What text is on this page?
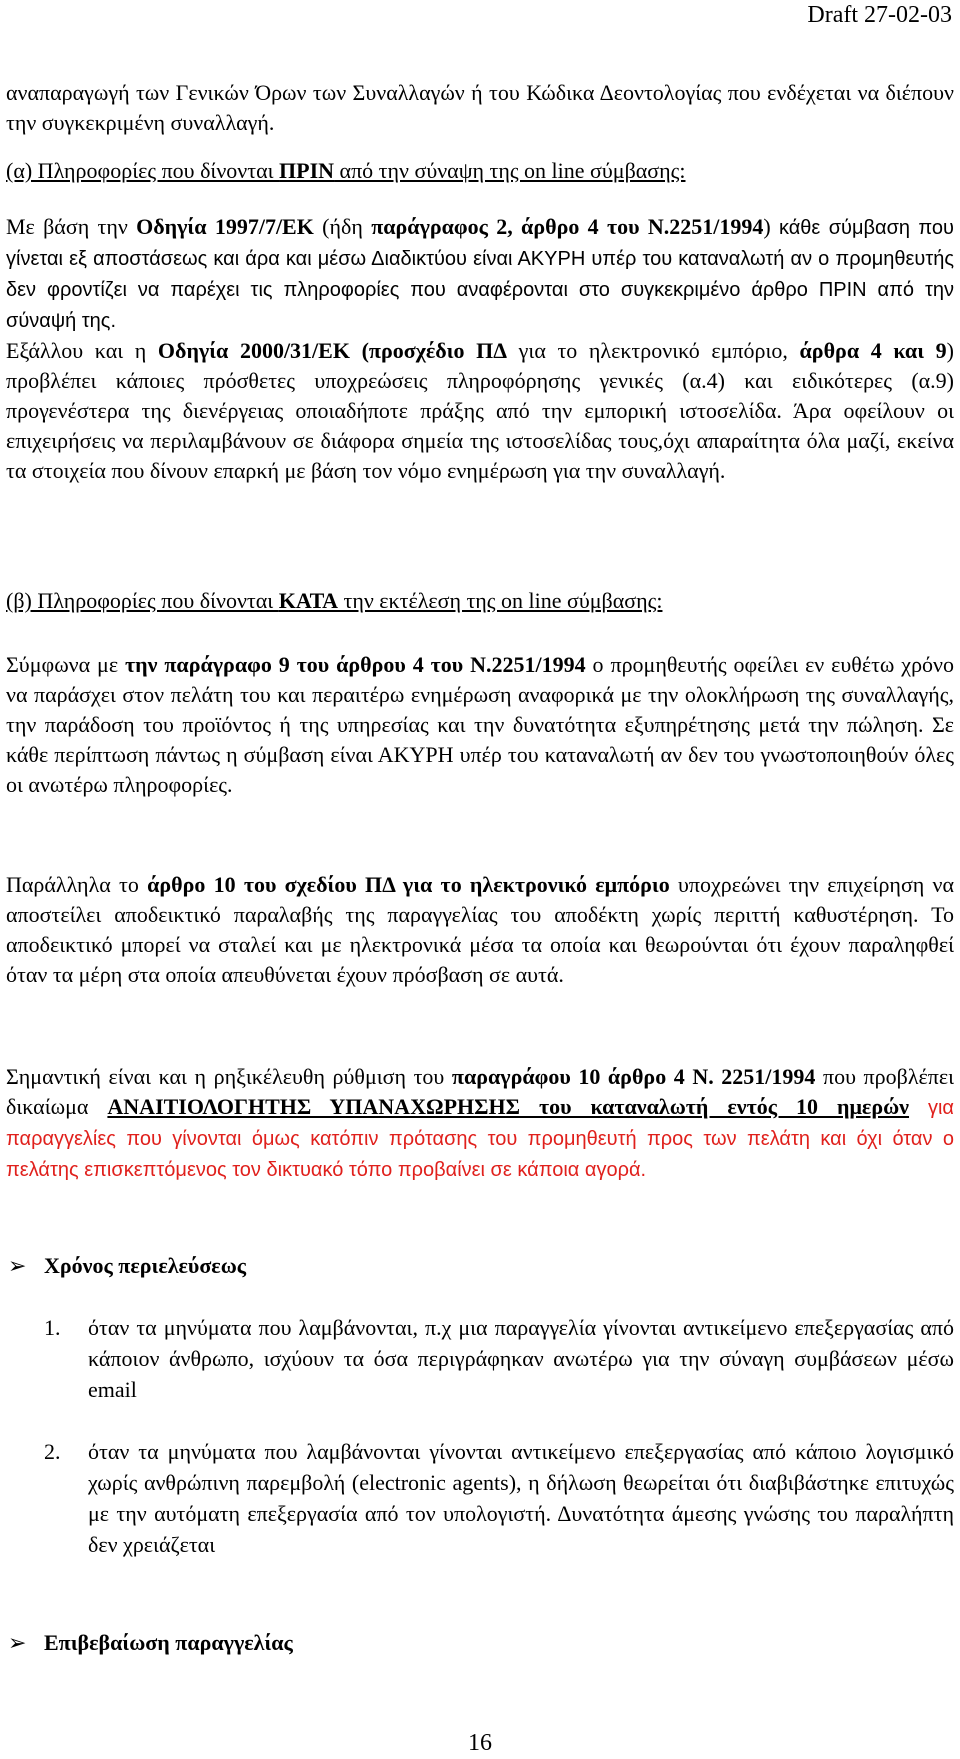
Draft 27-02-03

αναπαραγωγή των Γενικών Όρων των Συναλλαγών ή του Κώδικα Δεοντολογίας που ενδέχεται να διέπουν την συγκεκριμένη συναλλαγή.

(α) Πληροφορίες που δίνονται ΠΡΙΝ από την σύναψη της on line σύμβασης:

Με βάση την Οδηγία 1997/7/ΕΚ (ήδη παράγραφος 2, άρθρο 4 του Ν.2251/1994) κάθε σύμβαση που γίνεται εξ αποστάσεως και άρα και μέσω Διαδικτύου είναι ΑΚΥΡΗ υπέρ του καταναλωτή αν ο προμηθευτής δεν φροντίζει να παρέχει τις πληροφορίες που αναφέρονται στο συγκεκριμένο άρθρο ΠΡΙΝ από την σύναψή της.
Εξάλλου και η Οδηγία 2000/31/ΕΚ (προσχέδιο ΠΔ για το ηλεκτρονικό εμπόριο, άρθρα 4 και 9) προβλέπει κάποιες πρόσθετες υποχρεώσεις πληροφόρησης γενικές (α.4) και ειδικότερες (α.9) προγενέστερα της διενέργειας οποιαδήποτε πράξης από την εμπορική ιστοσελίδα. Άρα οφείλουν οι επιχειρήσεις να περιλαμβάνουν σε διάφορα σημεία της ιστοσελίδας τους,όχι απαραίτητα όλα μαζί, εκείνα τα στοιχεία που δίνουν επαρκή με βάση τον νόμο ενημέρωση για την συναλλαγή.

(β) Πληροφορίες που δίνονται ΚΑΤΑ την εκτέλεση της on line σύμβασης:

Σύμφωνα με την παράγραφο 9 του άρθρου 4 του Ν.2251/1994 ο προμηθευτής οφείλει εν ευθέτω χρόνο να παράσχει στον πελάτη του και περαιτέρω ενημέρωση αναφορικά με την ολοκλήρωση της συναλλαγής, την παράδοση του προϊόντος ή της υπηρεσίας και την δυνατότητα εξυπηρέτησης μετά την πώληση. Σε κάθε περίπτωση πάντως η σύμβαση είναι ΑΚΥΡΗ υπέρ του καταναλωτή αν δεν του γνωστοποιηθούν όλες οι ανωτέρω πληροφορίες.

Παράλληλα το άρθρο 10 του σχεδίου ΠΔ για το ηλεκτρονικό εμπόριο υποχρεώνει την επιχείρηση να αποστείλει αποδεικτικό παραλαβής της παραγγελίας του αποδέκτη χωρίς περιττή καθυστέρηση. Το αποδεικτικό μπορεί να σταλεί και με ηλεκτρονικά μέσα τα οποία και θεωρούνται ότι έχουν παραληφθεί όταν τα μέρη στα οποία απευθύνεται έχουν πρόσβαση σε αυτά.

Σημαντική είναι και η ρηξικέλευθη ρύθμιση του παραγράφου 10 άρθρο 4 Ν. 2251/1994 που προβλέπει δικαίωμα ΑΝΑΙΤΙΟΛΟΓΗΤΗΣ ΥΠΑΝΑΧΩΡΗΣΗΣ του καταναλωτή εντός 10 ημερών για παραγγελίες που γίνονται όμως κατόπιν πρότασης του προμηθευτή προς των πελάτη και όχι όταν ο πελάτης επισκεπτόμενος τον δικτυακό τόπο προβαίνει σε κάποια αγορά.

➢ Χρόνος περιελεύσεως
1. όταν τα μηνύματα που λαμβάνονται, π.χ μια παραγγελία γίνονται αντικείμενο επεξεργασίας από κάποιον άνθρωπο, ισχύουν τα όσα περιγράφηκαν ανωτέρω για την σύναγη συμβάσεων μέσω email
2. όταν τα μηνύματα που λαμβάνονται γίνονται αντικείμενο επεξεργασίας από κάποιο λογισμικό χωρίς ανθρώπινη παρεμβολή (electronic agents), η δήλωση θεωρείται ότι διαβιβάστηκε επιτυχώς με την αυτόματη επεξεργασία από τον υπολογιστή. Δυνατότητα άμεσης γνώσης του παραλήπτη δεν χρειάζεται
➢ Επιβεβαίωση παραγγελίας
16
